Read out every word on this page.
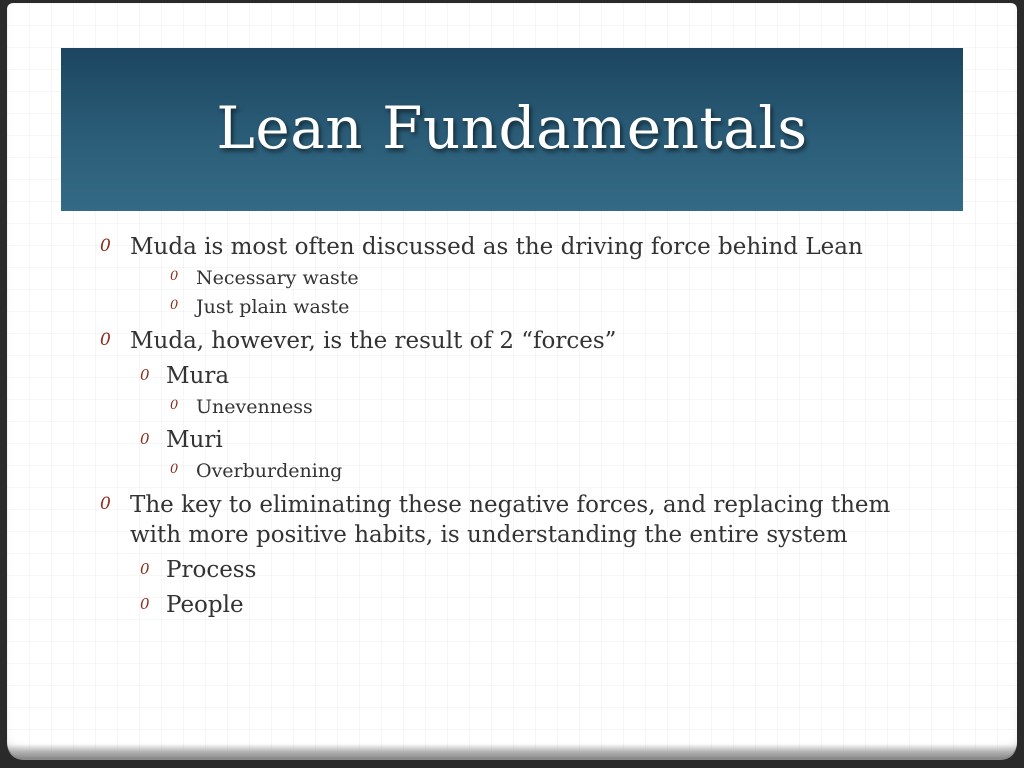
Lean Fundamentals
0 Muda is most often discussed as the driving force behind Lean
0 Necessary waste
0 Just plain waste
0 Muda, however, is the result of 2 “forces”
0 Mura
0 Unevenness
0 Muri
0 Overburdening
0 The key to eliminating these negative forces, and replacing them with more positive habits, is understanding the entire system
0 Process
0 People
